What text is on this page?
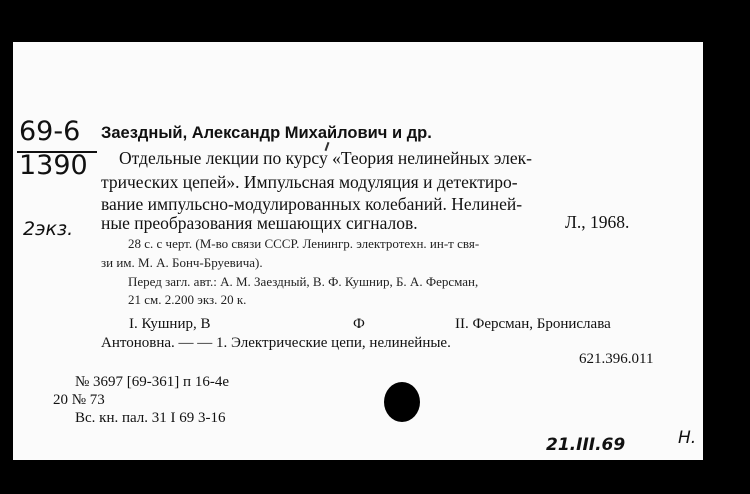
69-6
1390
2экз.
Заездный, Александр Михайлович и др.
Отдельные лекции по курсу «Теория нелинейных элек-
трических цепей». Импульсная модуляция и детектиро-
вание импульсно-модулированных колебаний. Нелиней-
ные преобразования мешающих сигналов.	Л., 1968.
28 с. с черт. (М-во связи СССР. Ленингр. электротехн. ин-т свя-
зи им. М. А. Бонч-Бруевича).
Перед загл. авт.: А. М. Заездный, В. Ф. Кушнир, Б. А. Ферсман,
21 см. 2.200 экз. 20 к.
I. Кушнир, В	Ф	II. Ферсман, Бронислава
Антоновна. — — 1. Электрические цепи, нелинейные.
621.396.011
№ 3697 [69-361] п 16-4е
20 № 73
Вс. кн. пал. 31 I 69 3-16
21.III.69	Н.
